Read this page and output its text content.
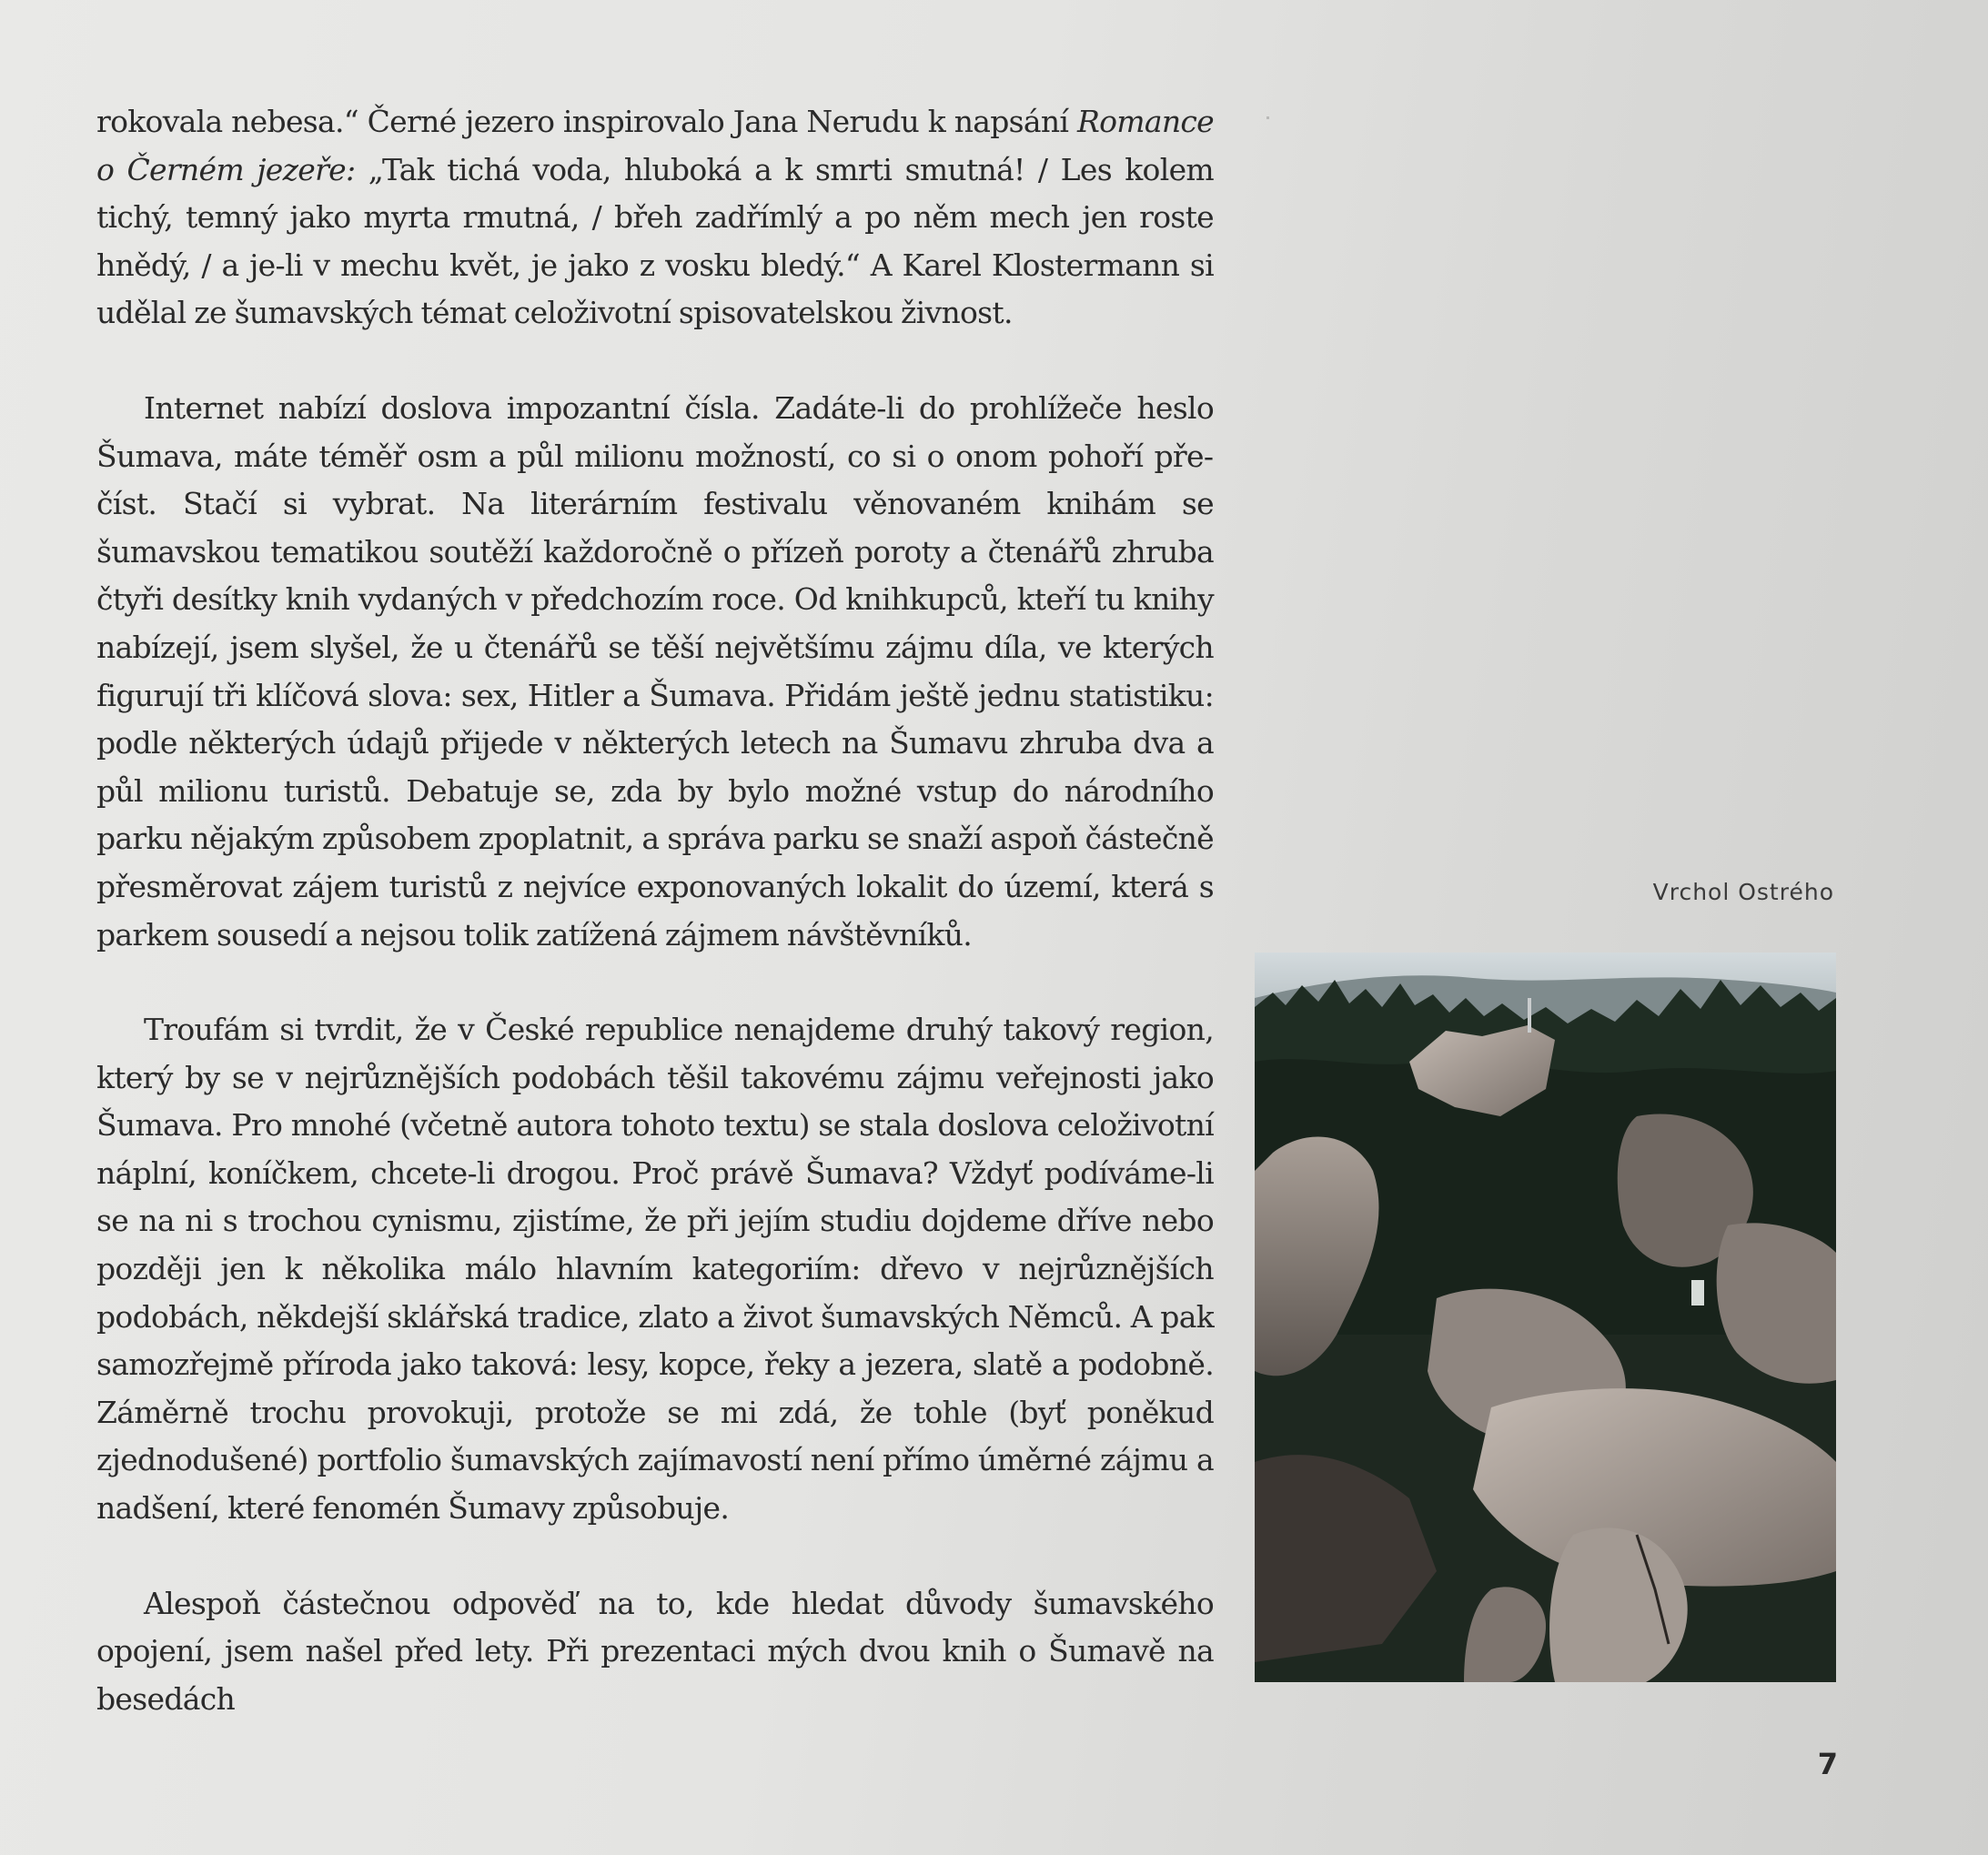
rokovala nebesa.“ Černé jezero inspirovalo Jana Nerudu k napsání Romance o Černém jezeře: „Tak tichá voda, hluboká a k smrti smutná! / Les kolem tichý, temný jako myrta rmutná, / břeh zadřímlý a po něm mech jen roste hnědý, / a je-li v mechu květ, je jako z vosku bledý.“ A Karel Klostermann si udělal ze šumavských témat celoživotní spisovatelskou živnost.

Internet nabízí doslova impozantní čísla. Zadáte-li do prohlížeče heslo Šumava, máte téměř osm a půl milionu možností, co si o onom pohoří přečíst. Stačí si vybrat. Na literárním festivalu věnovaném knihám se šumavskou tematikou soutěží každoročně o přízeň poroty a čtenářů zhruba čtyři desítky knih vydaných v předchozím roce. Od knihkupců, kteří tu knihy nabízejí, jsem slyšel, že u čtenářů se těší největšímu zájmu díla, ve kterých figurují tři klíčová slova: sex, Hitler a Šumava. Přidám ještě jednu statistiku: podle některých údajů přijede v některých letech na Šumavu zhruba dva a půl milionu turistů. Debatuje se, zda by bylo možné vstup do národního parku nějakým způsobem zpoplatnit, a správa parku se snaží aspoň částečně přesměrovat zájem turistů z nejvíce exponovaných lokalit do území, která s parkem sousedí a nejsou tolik zatížená zájmem návštěvníků.

Troufám si tvrdit, že v České republice nenajdeme druhý takový region, který by se v nejrůznějších podobách těšil takovému zájmu veřejnosti jako Šumava. Pro mnohé (včetně autora tohoto textu) se stala doslova celoživotní náplní, koníčkem, chcete-li drogou. Proč právě Šumava? Vždyť podíváme-li se na ni s trochou cynismu, zjistíme, že při jejím studiu dojdeme dříve nebo později jen k několika málo hlavním kategoriím: dřevo v nejrůznějších podobách, někdejší sklářská tradice, zlato a život šumavských Němců. A pak samozřejmě příroda jako taková: lesy, kopce, řeky a jezera, slatě a podobně. Záměrně trochu provokuji, protože se mi zdá, že tohle (byť poněkud zjednodušené) portfolio šumavských zajímavostí není přímo úměrné zájmu a nadšení, které fenomén Šumavy způsobuje.

Alespoň částečnou odpověď na to, kde hledat důvody šumavského opojení, jsem našel před lety. Při prezentaci mých dvou knih o Šumavě na besedách

Vrchol Ostrého
7
